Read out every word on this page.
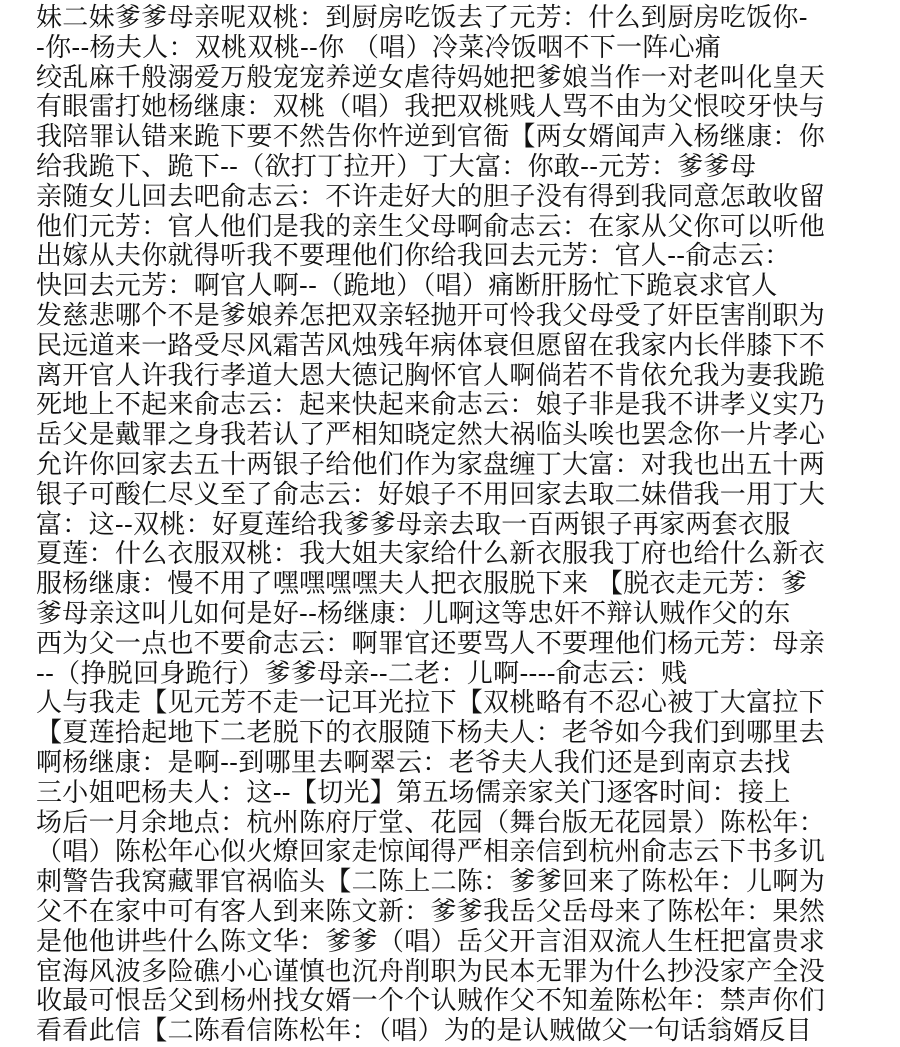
妹二妹爹爹母亲呢双桃：到厨房吃饭去了元芳：什么到厨房吃饭你-
-你--杨夫人：双桃双桃--你 （唱）冷菜冷饭咽不下一阵心痛
绞乱麻千般溺爱万般宠宠养逆女虐待妈她把爹娘当作一对老叫化皇天
有眼雷打她杨继康：双桃（唱）我把双桃贱人骂不由为父恨咬牙快与
我陪罪认错来跪下要不然告你忤逆到官衙【两女婿闻声入杨继康：你
给我跪下、跪下--（欲打丁拉开）丁大富：你敢--元芳：爹爹母
亲随女儿回去吧俞志云：不许走好大的胆子没有得到我同意怎敢收留
他们元芳：官人他们是我的亲生父母啊俞志云：在家从父你可以听他
出嫁从夫你就得听我不要理他们你给我回去元芳：官人--俞志云：
快回去元芳：啊官人啊--（跪地）（唱）痛断肝肠忙下跪哀求官人
发慈悲哪个不是爹娘养怎把双亲轻抛开可怜我父母受了奸臣害削职为
民远道来一路受尽风霜苦风烛残年病体衰但愿留在我家内长伴膝下不
离开官人许我行孝道大恩大德记胸怀官人啊倘若不肯依允我为妻我跪
死地上不起来俞志云：起来快起来俞志云：娘子非是我不讲孝义实乃
岳父是戴罪之身我若认了严相知晓定然大祸临头唉也罢念你一片孝心
允许你回家去五十两银子给他们作为家盘缠丁大富：对我也出五十两
银子可酸仁尽义至了俞志云：好娘子不用回家去取二妹借我一用丁大
富：这--双桃：好夏莲给我爹爹母亲去取一百两银子再家两套衣服
夏莲：什么衣服双桃：我大姐夫家给什么新衣服我丁府也给什么新衣
服杨继康：慢不用了嘿嘿嘿嘿夫人把衣服脱下来 【脱衣走元芳：爹
爹母亲这叫儿如何是好--杨继康：儿啊这等忠奸不辩认贼作父的东
西为父一点也不要俞志云：啊罪官还要骂人不要理他们杨元芳：母亲
--（挣脱回身跪行）爹爹母亲--二老：儿啊----俞志云：贱
人与我走【见元芳不走一记耳光拉下【双桃略有不忍心被丁大富拉下
【夏莲拾起地下二老脱下的衣服随下杨夫人：老爷如今我们到哪里去
啊杨继康：是啊--到哪里去啊翠云：老爷夫人我们还是到南京去找
三小姐吧杨夫人：这--【切光】第五场儒亲家关门逐客时间：接上
场后一月余地点：杭州陈府厅堂、花园（舞台版无花园景）陈松年：
（唱）陈松年心似火燎回家走惊闻得严相亲信到杭州俞志云下书多讥
刺警告我窝藏罪官祸临头【二陈上二陈：爹爹回来了陈松年：儿啊为
父不在家中可有客人到来陈文新：爹爹我岳父岳母来了陈松年：果然
是他他讲些什么陈文华：爹爹（唱）岳父开言泪双流人生枉把富贵求
宦海风波多险礁小心谨慎也沉舟削职为民本无罪为什么抄没家产全没
收最可恨岳父到杨州找女婿一个个认贼作父不知羞陈松年：禁声你们
看看此信【二陈看信陈松年：（唱）为的是认贼做父一句话翁婿反目
